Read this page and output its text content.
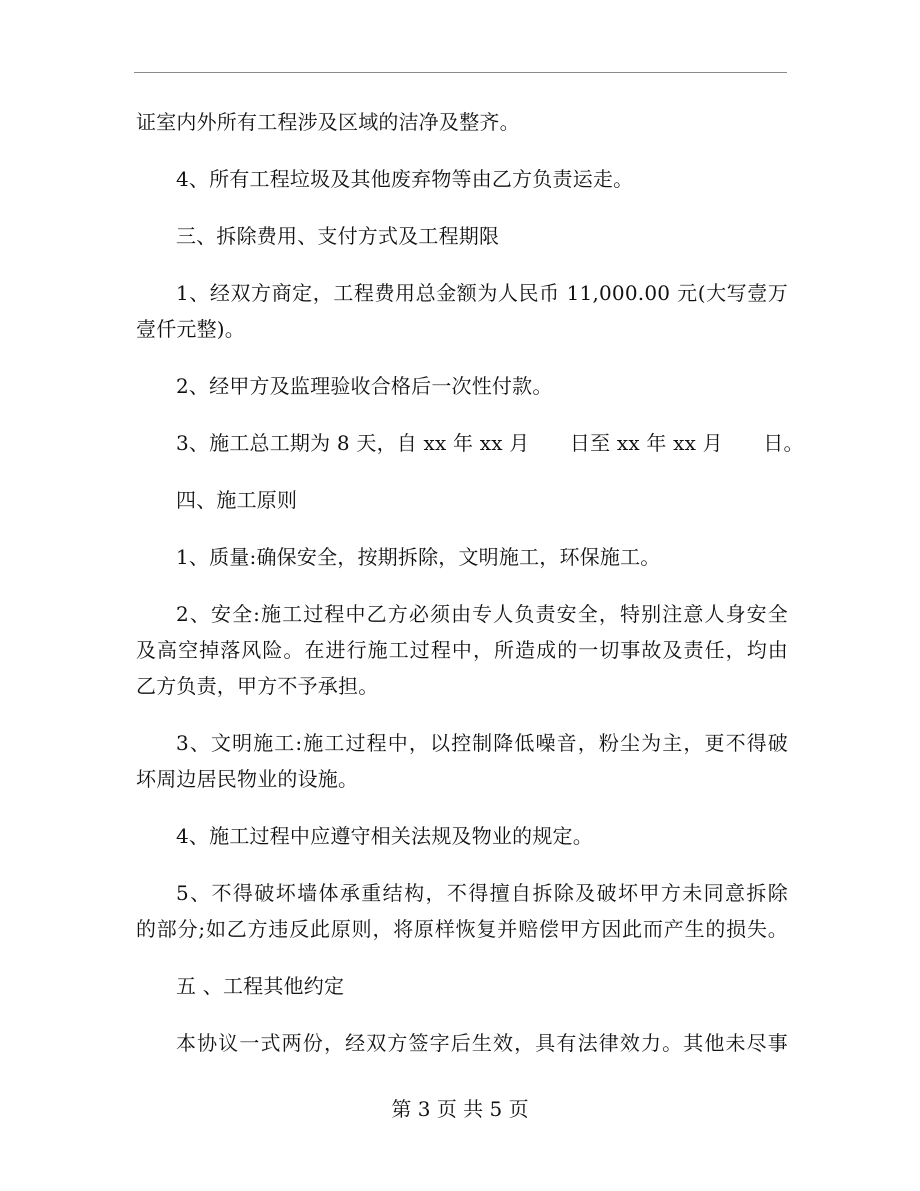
证室内外所有工程涉及区域的洁净及整齐。
4、所有工程垃圾及其他废弃物等由乙方负责运走。
三、拆除费用、支付方式及工程期限
1、经双方商定，工程费用总金额为人民币 11,000.00 元(大写壹万
壹仟元整)。
2、经甲方及监理验收合格后一次性付款。
3、施工总工期为 8 天，自 xx 年 xx 月　　日至 xx 年 xx 月　　日。
四、施工原则
1、质量:确保安全，按期拆除，文明施工，环保施工。
2、安全:施工过程中乙方必须由专人负责安全，特别注意人身安全
及高空掉落风险。在进行施工过程中，所造成的一切事故及责任，均由
乙方负责，甲方不予承担。
3、文明施工:施工过程中，以控制降低噪音，粉尘为主，更不得破
坏周边居民物业的设施。
4、施工过程中应遵守相关法规及物业的规定。
5、不得破坏墙体承重结构，不得擅自拆除及破坏甲方未同意拆除
的部分;如乙方违反此原则，将原样恢复并赔偿甲方因此而产生的损失。
五 、工程其他约定
本协议一式两份，经双方签字后生效，具有法律效力。其他未尽事
第 3 页 共 5 页
